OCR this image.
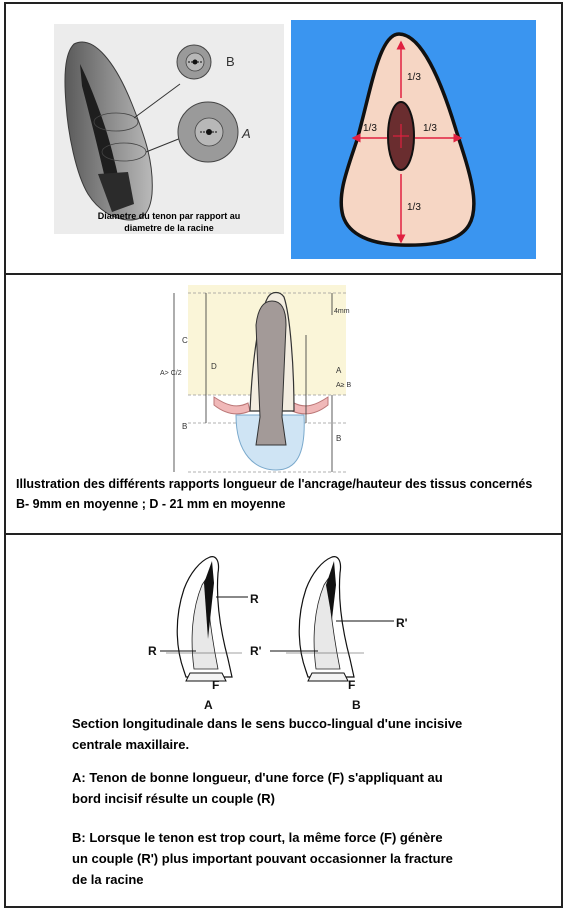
B
A
Diametre du tenon par rapport au
diametre de la racine
1/3
1/3	1/3
1/3
4mm
C
A> C/2
D
B
A
A≥ B
B
Illustration des différents rapports longueur de l'ancrage/hauteur des tissus concernés
B- 9mm en moyenne ; D - 21 mm en moyenne
R
R
F
A
R'
R'
F
B
Section longitudinale dans le sens bucco-lingual d'une incisive
centrale maxillaire.
A: Tenon de bonne longueur, d'une force (F) s'appliquant au
bord incisif résulte un couple (R)
B: Lorsque le tenon est trop court, la même force (F) génère
un couple (R') plus important pouvant occasionner la fracture
de la racine
